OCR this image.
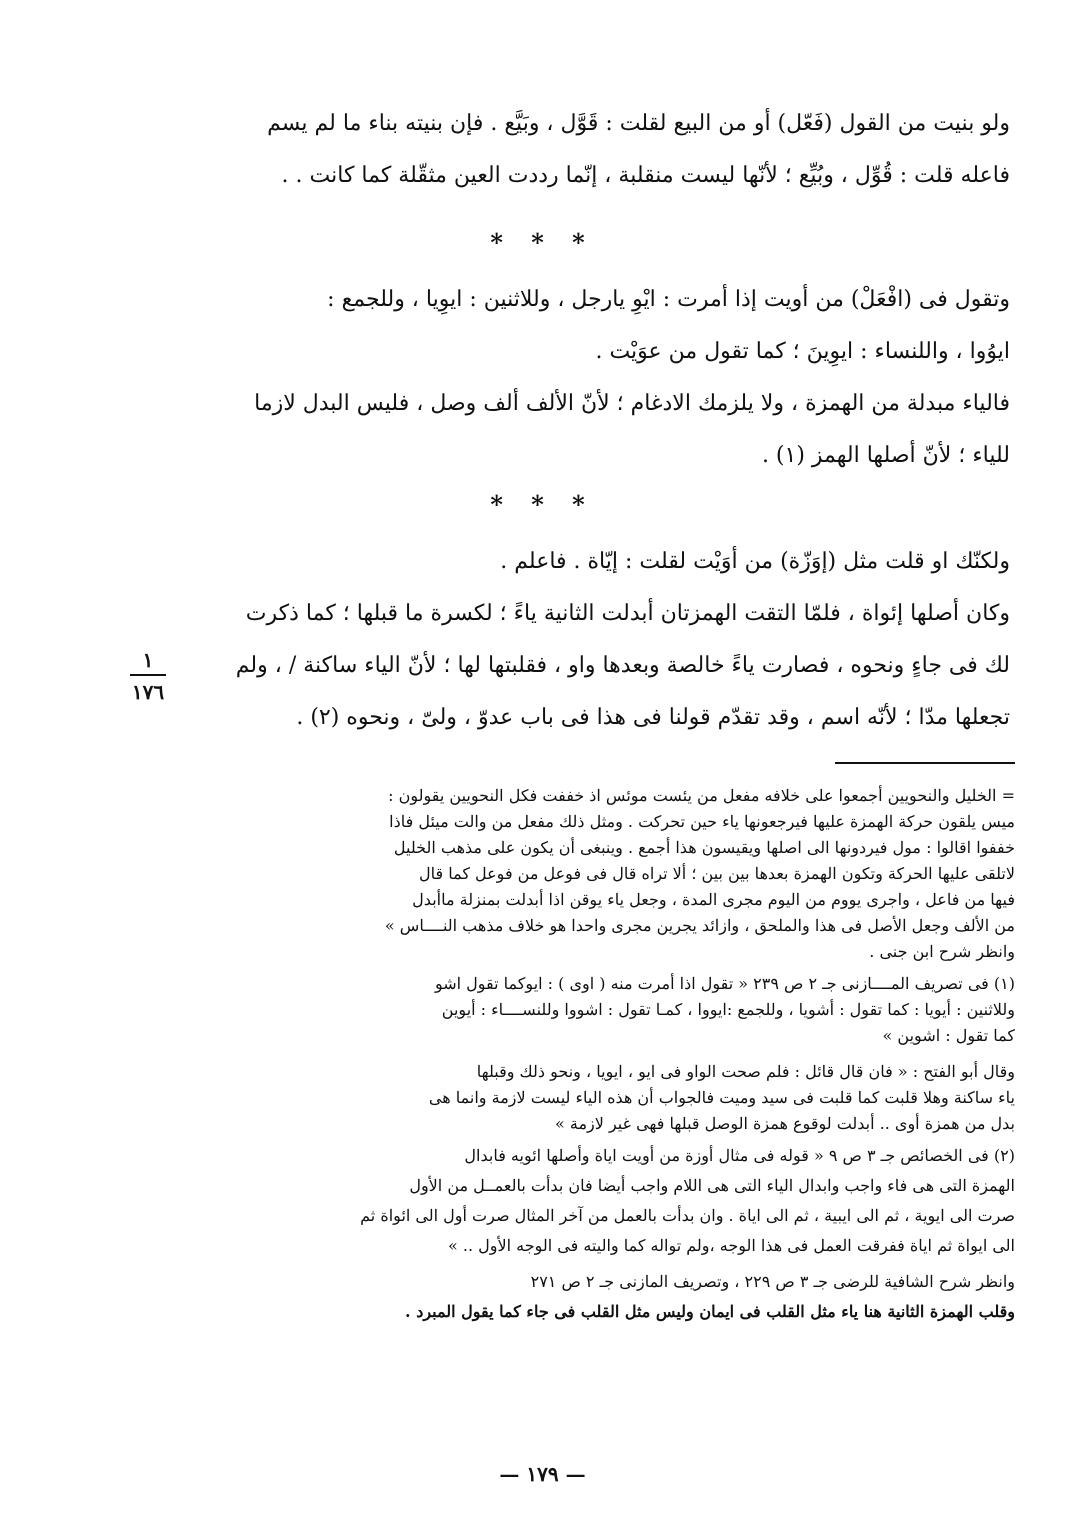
ولو بنيت من القول (فَعّل) أو من البيع لقلت : قَوَّل ، وبَيَّع . فإن بنيته بناء ما لم يسم
فاعله قلت : قُوِّل ، وبُيِّع ؛ لأنّها ليست منقلبة ، إنّما رددت العين مثقّلة كما كانت . .
* * *
وتقول فى (افْعَلْ) من أويت إذا أمرت : ايْوِ يارجل ، وللاثنين : ايوِيا ، وللجمع :
ايوُوا ، واللنساء : ايوِينَ ؛ كما تقول من عوَيْت .
فالياء مبدلة من الهمزة ، ولا يلزمك الادغام ؛ لأنّ الألف ألف وصل ، فليس البدل لازما
للياء ؛ لأنّ أصلها الهمز (١) .
* * *
ولكنّك او قلت مثل (إوَزّة) من أوَيْت لقلت : إيّاة . فاعلم .
وكان أصلها إئواة ، فلمّا التقت الهمزتان أبدلت الثانية ياءً ؛ لكسرة ما قبلها ؛ كما ذكرت
لك فى جاءٍ ونحوه ، فصارت ياءً خالصة وبعدها واو ، فقلبتها لها ؛ لأنّ الياء ساكنة / ، ولم
تجعلها مدّا ؛ لأنّه اسم ، وقد تقدّم قولنا فى هذا فى باب عدوّ ، ولىّ ، ونحوه (٢) .
١
١٧٦
= الخليل والنحويين أجمعوا على خلافه مفعل من يئست موئس اذ خففت فكل النحويين يقولون :
ميس يلقون حركة الهمزة عليها فيرجعونها ياء حين تحركت . ومثل ذلك مفعل من والت ميئل فاذا
خففوا اقالوا : مول فيردونها الى اصلها ويقيسون هذا أجمع . وينبغى أن يكون على مذهب الخليل
لاتلقى عليها الحركة وتكون الهمزة بعدها بين بين ؛ ألا تراه قال فى فوعل من فوعل كما قال
فيها من فاعل ، واجرى يووم من اليوم مجرى المدة ، وجعل ياء يوقن اذا أبدلت بمنزلة ماأبدل
من الألف وجعل الأصل فى هذا والملحق ، وازائد يجرين مجرى واحدا هو خلاف مذهب النــــاس »
وانظر شرح ابن جنى .
(١) فى تصريف المــــازنى جـ ٢ ص ٢٣٩ « تقول اذا أمرت منه ( اوى ) : ايوكما تقول اشو
وللاثنين : أيويا : كما تقول : أشويا ، وللجمع :ايووا ، كمـا تقول : اشووا وللنســــاء : أيوين
كما تقول : اشوين »
وقال أبو الفتح : « فان قال قائل : فلم صحت الواو فى ايو ، ايويا ، ونحو ذلك وقبلها
ياء ساكنة وهلا قلبت كما قلبت فى سيد وميت فالجواب أن هذه الياء ليست لازمة وانما هى
بدل من همزة أوى .. أبدلت لوقوع همزة الوصل قبلها فهى غير لازمة »
(٢) فى الخصائص جـ ٣ ص ٩ « قوله فى مثال أوزة من أويت اياة وأصلها ائويه فابدال
الهمزة التى هى فاء واجب وابدال الياء التى هى اللام واجب أيضا فان بدأت بالعمــل من الأول
صرت الى ايوية ، ثم الى ايبية ، ثم الى اياة . وان بدأت بالعمل من آخر المثال صرت أول الى ائواة ثم
الى ايواة ثم اياة ففرقت العمل فى هذا الوجه ،ولم تواله كما واليته فى الوجه الأول .. »
وانظر شرح الشافية للرضى جـ ٣ ص ٢٢٩ ، وتصريف المازنى جـ ٢ ص ٢٧١
وقلب الهمزة الثانية هنا ياء مثل القلب فى ايمان وليس مثل القلب فى جاء كما يقول المبرد .
— ١٧٩ —
